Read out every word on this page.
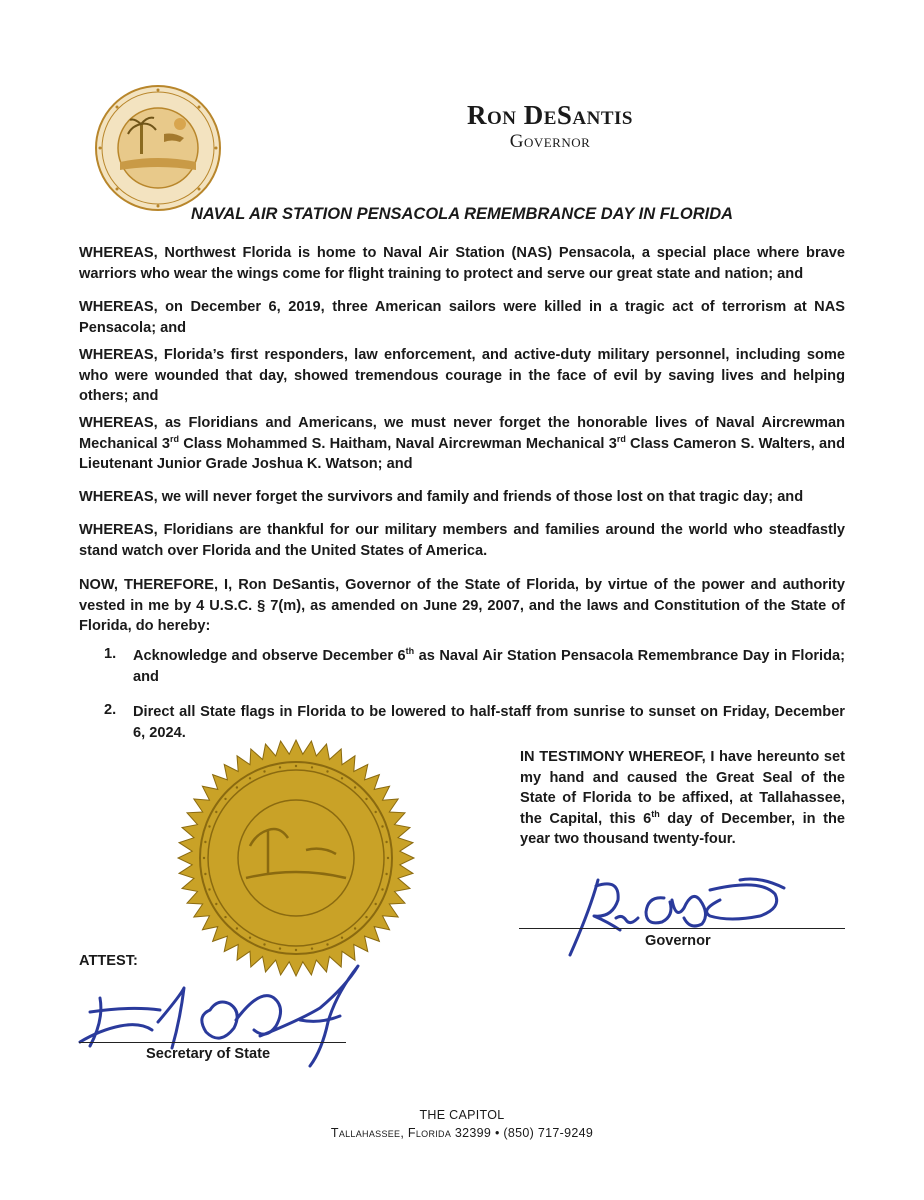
Ron DeSantis
Governor
NAVAL AIR STATION PENSACOLA REMEMBRANCE DAY IN FLORIDA

WHEREAS, Northwest Florida is home to Naval Air Station (NAS) Pensacola, a special place where brave warriors who wear the wings come for flight training to protect and serve our great state and nation; and

WHEREAS, on December 6, 2019, three American sailors were killed in a tragic act of terrorism at NAS Pensacola; and

WHEREAS, Florida’s first responders, law enforcement, and active-duty military personnel, including some who were wounded that day, showed tremendous courage in the face of evil by saving lives and helping others; and

WHEREAS, as Floridians and Americans, we must never forget the honorable lives of Naval Aircrewman Mechanical 3rd Class Mohammed S. Haitham, Naval Aircrewman Mechanical 3rd Class Cameron S. Walters, and Lieutenant Junior Grade Joshua K. Watson; and

WHEREAS, we will never forget the survivors and family and friends of those lost on that tragic day; and

WHEREAS, Floridians are thankful for our military members and families around the world who steadfastly stand watch over Florida and the United States of America.

NOW, THEREFORE, I, Ron DeSantis, Governor of the State of Florida, by virtue of the power and authority vested in me by 4 U.S.C. § 7(m), as amended on June 29, 2007, and the laws and Constitution of the State of Florida, do hereby:

1. Acknowledge and observe December 6th as Naval Air Station Pensacola Remembrance Day in Florida; and

2. Direct all State flags in Florida to be lowered to half-staff from sunrise to sunset on Friday, December 6, 2024.

IN TESTIMONY WHEREOF, I have hereunto set my hand and caused the Great Seal of the State of Florida to be affixed, at Tallahassee, the Capital, this 6th day of December, in the year two thousand twenty-four.

Governor
ATTEST:
Secretary of State
THE CAPITOL
Tallahassee, Florida 32399 • (850) 717-9249
